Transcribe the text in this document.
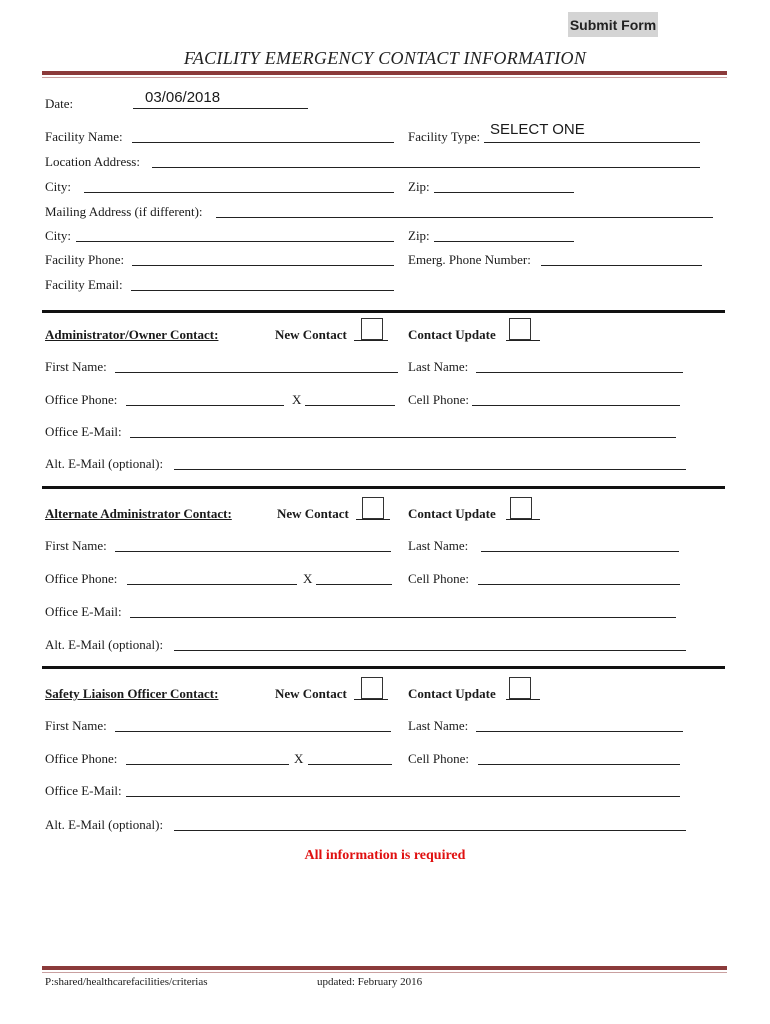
Submit Form
FACILITY EMERGENCY CONTACT INFORMATION
Date:	03/06/2018
Facility Name:	Facility Type: SELECT ONE
Location Address:
City:	Zip:
Mailing Address (if different):
City:	Zip:
Facility Phone:	Emerg. Phone Number:
Facility Email:
Administrator/Owner Contact:	New Contact	Contact Update
First Name:	Last Name:
Office Phone:	X	Cell Phone:
Office E-Mail:
Alt. E-Mail (optional):
Alternate Administrator Contact:	New Contact	Contact Update
First Name:	Last Name:
Office Phone:	X	Cell Phone:
Office E-Mail:
Alt. E-Mail (optional):
Safety Liaison Officer Contact:	New Contact	Contact Update
First Name:	Last Name:
Office Phone:	X	Cell Phone:
Office E-Mail:
Alt. E-Mail (optional):
All information is required
P:shared/healthcarefacilities/criterias	updated: February 2016
